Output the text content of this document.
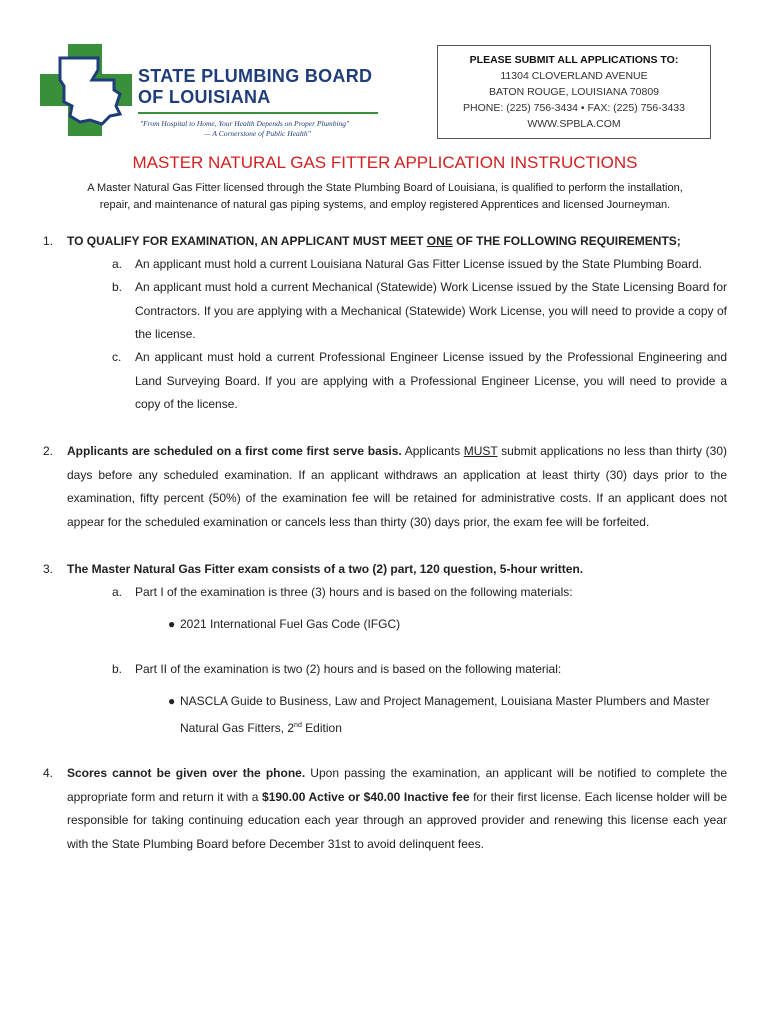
STATE PLUMBING BOARD

OF LOUISIANA

"From Hospital to Home, Your Health Depends on Proper Plumbing"
— A Cornerstone of Public Health"

PLEASE SUBMIT ALL APPLICATIONS TO:

11304 CLOVERLAND AVENUE

BATON ROUGE, LOUISIANA 70809

PHONE: (225) 756-3434 • FAX: (225) 756-3433

WWW.SPBLA.COM

MASTER NATURAL GAS FITTER APPLICATION INSTRUCTIONS

A Master Natural Gas Fitter licensed through the State Plumbing Board of Louisiana, is qualified to perform the installation,

repair, and maintenance of natural gas piping systems, and employ registered Apprentices and licensed Journeyman.

1. TO QUALIFY FOR EXAMINATION, AN APPLICANT MUST MEET ONE OF THE FOLLOWING REQUIREMENTS;
a. An applicant must hold a current Louisiana Natural Gas Fitter License issued by the State Plumbing Board.
b. An applicant must hold a current Mechanical (Statewide) Work License issued by the State Licensing Board for Contractors. If you are applying with a Mechanical (Statewide) Work License, you will need to provide a copy of the license.
c. An applicant must hold a current Professional Engineer License issued by the Professional Engineering and Land Surveying Board. If you are applying with a Professional Engineer License, you will need to provide a copy of the license.
2. Applicants are scheduled on a first come first serve basis. Applicants MUST submit applications no less than thirty (30) days before any scheduled examination. If an applicant withdraws an application at least thirty (30) days prior to the examination, fifty percent (50%) of the examination fee will be retained for administrative costs. If an applicant does not appear for the scheduled examination or cancels less than thirty (30) days prior, the exam fee will be forfeited.
3. The Master Natural Gas Fitter exam consists of a two (2) part, 120 question, 5-hour written.
a. Part I of the examination is three (3) hours and is based on the following materials:
● 2021 International Fuel Gas Code (IFGC)
b. Part II of the examination is two (2) hours and is based on the following material:

● NASCLA Guide to Business, Law and Project Management, Louisiana Master Plumbers and Master

Natural Gas Fitters, 2nd Edition

4. Scores cannot be given over the phone. Upon passing the examination, an applicant will be notified to complete the appropriate form and return it with a $190.00 Active or $40.00 Inactive fee for their first license. Each license holder will be responsible for taking continuing education each year through an approved provider and renewing this license each year with the State Plumbing Board before December 31st to avoid delinquent fees.
